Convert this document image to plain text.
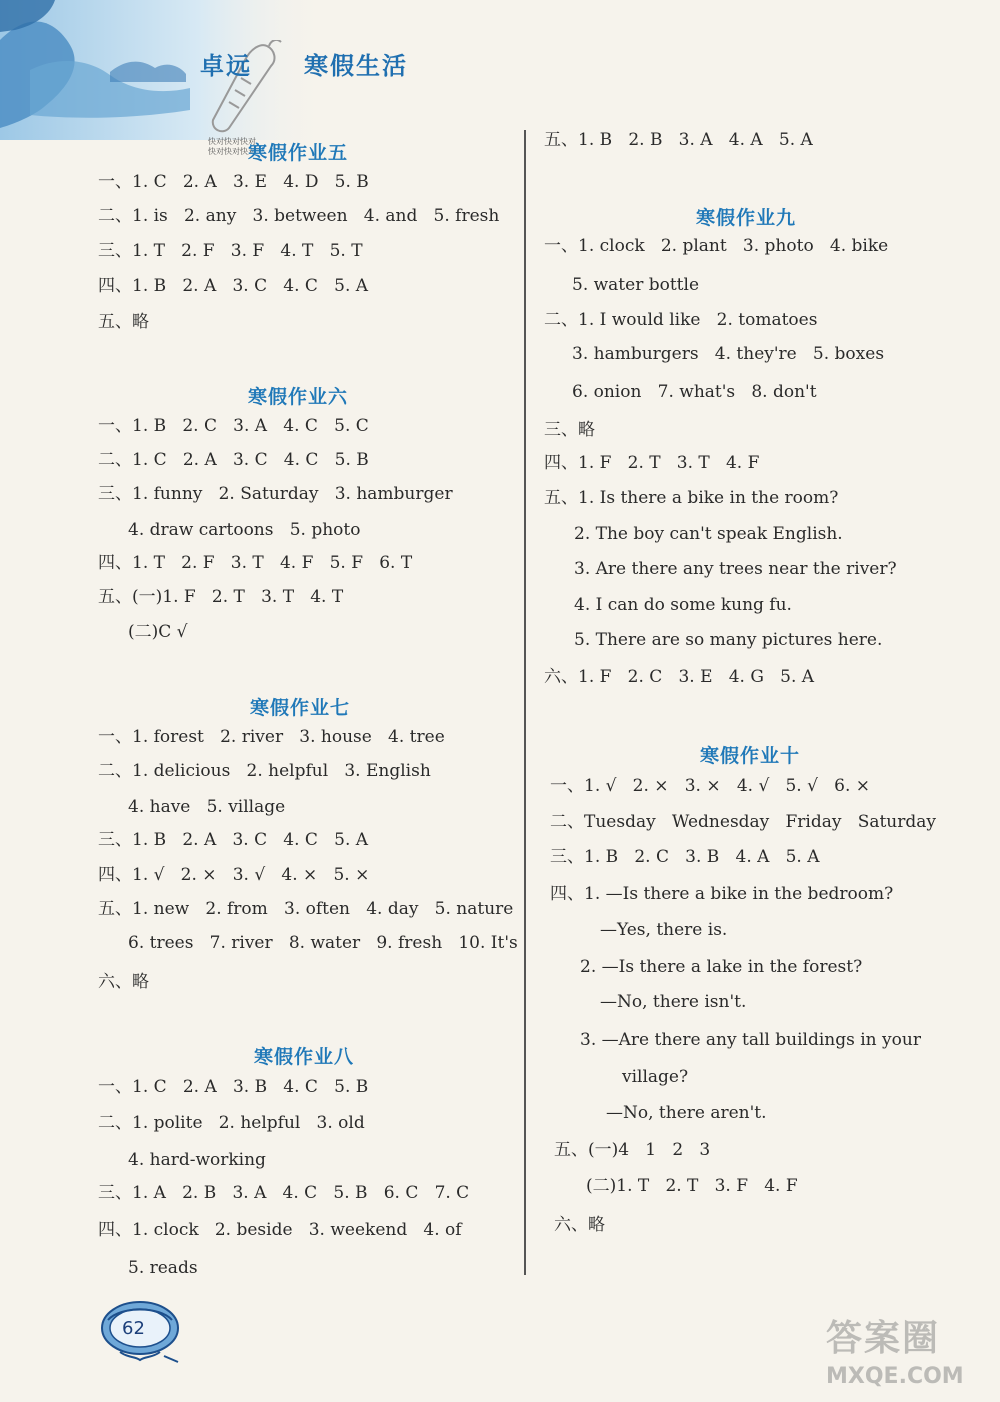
卓远 寒假生活
快对快对快对
快对快对快对
寒假作业五
一、1. C   2. A   3. E   4. D   5. B
二、1. is   2. any   3. between   4. and   5. fresh
三、1. T   2. F   3. F   4. T   5. T
四、1. B   2. A   3. C   4. C   5. A
五、略
寒假作业六
一、1. B   2. C   3. A   4. C   5. C
二、1. C   2. A   3. C   4. C   5. B
三、1. funny   2. Saturday   3. hamburger
4. draw cartoons   5. photo
四、1. T   2. F   3. T   4. F   5. F   6. T
五、(一)1. F   2. T   3. T   4. T
(二)C √
寒假作业七
一、1. forest   2. river   3. house   4. tree
二、1. delicious   2. helpful   3. English
4. have   5. village
三、1. B   2. A   3. C   4. C   5. A
四、1. √   2. ×   3. √   4. ×   5. ×
五、1. new   2. from   3. often   4. day   5. nature
6. trees   7. river   8. water   9. fresh   10. It's
六、略
寒假作业八
一、1. C   2. A   3. B   4. C   5. B
二、1. polite   2. helpful   3. old
4. hard-working
三、1. A   2. B   3. A   4. C   5. B   6. C   7. C
四、1. clock   2. beside   3. weekend   4. of
5. reads
五、1. B   2. B   3. A   4. A   5. A
寒假作业九
一、1. clock   2. plant   3. photo   4. bike
5. water bottle
二、1. I would like   2. tomatoes
3. hamburgers   4. they're   5. boxes
6. onion   7. what's   8. don't
三、略
四、1. F   2. T   3. T   4. F
五、1. Is there a bike in the room?
2. The boy can't speak English.
3. Are there any trees near the river?
4. I can do some kung fu.
5. There are so many pictures here.
六、1. F   2. C   3. E   4. G   5. A
寒假作业十
一、1. √   2. ×   3. ×   4. √   5. √   6. ×
二、Tuesday   Wednesday   Friday   Saturday
三、1. B   2. C   3. B   4. A   5. A
四、1. —Is there a bike in the bedroom?
—Yes, there is.
2. —Is there a lake in the forest?
—No, there isn't.
3. —Are there any tall buildings in your
village?
—No, there aren't.
五、(一)4   1   2   3
(二)1. T   2. T   3. F   4. F
六、略
62	答案圈
MXQE.COM
